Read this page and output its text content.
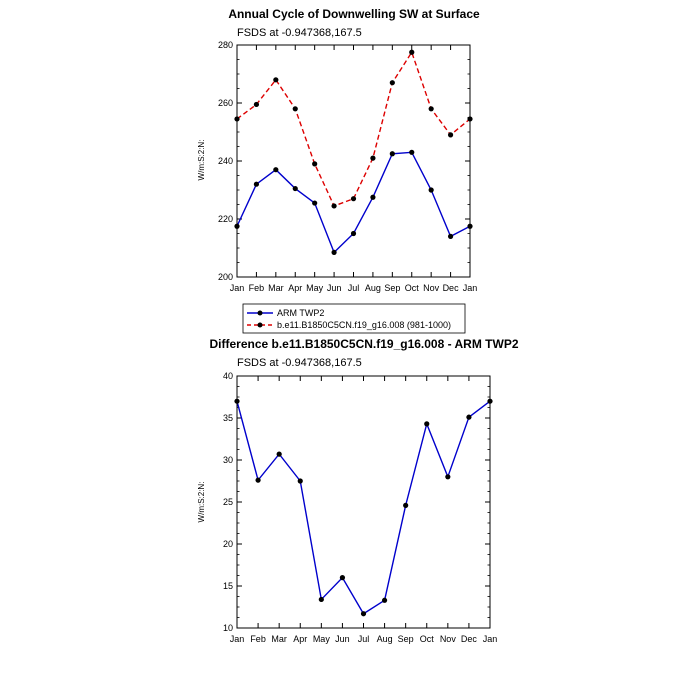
Annual Cycle of Downwelling SW at Surface
FSDS at -0.947368,167.5
W/m:S:2:N:
200
220
240
260
280
Jan Feb Mar Apr May Jun Jul Aug Sep Oct Nov Dec Jan
ARM TWP2
b.e11.B1850C5CN.f19_g16.008 (981-1000)
Difference b.e11.B1850C5CN.f19_g16.008 - ARM TWP2
FSDS at -0.947368,167.5
W/m:S:2:N:
10
15
20
25
30
35
40
Jan Feb Mar Apr May Jun Jul Aug Sep Oct Nov Dec Jan
